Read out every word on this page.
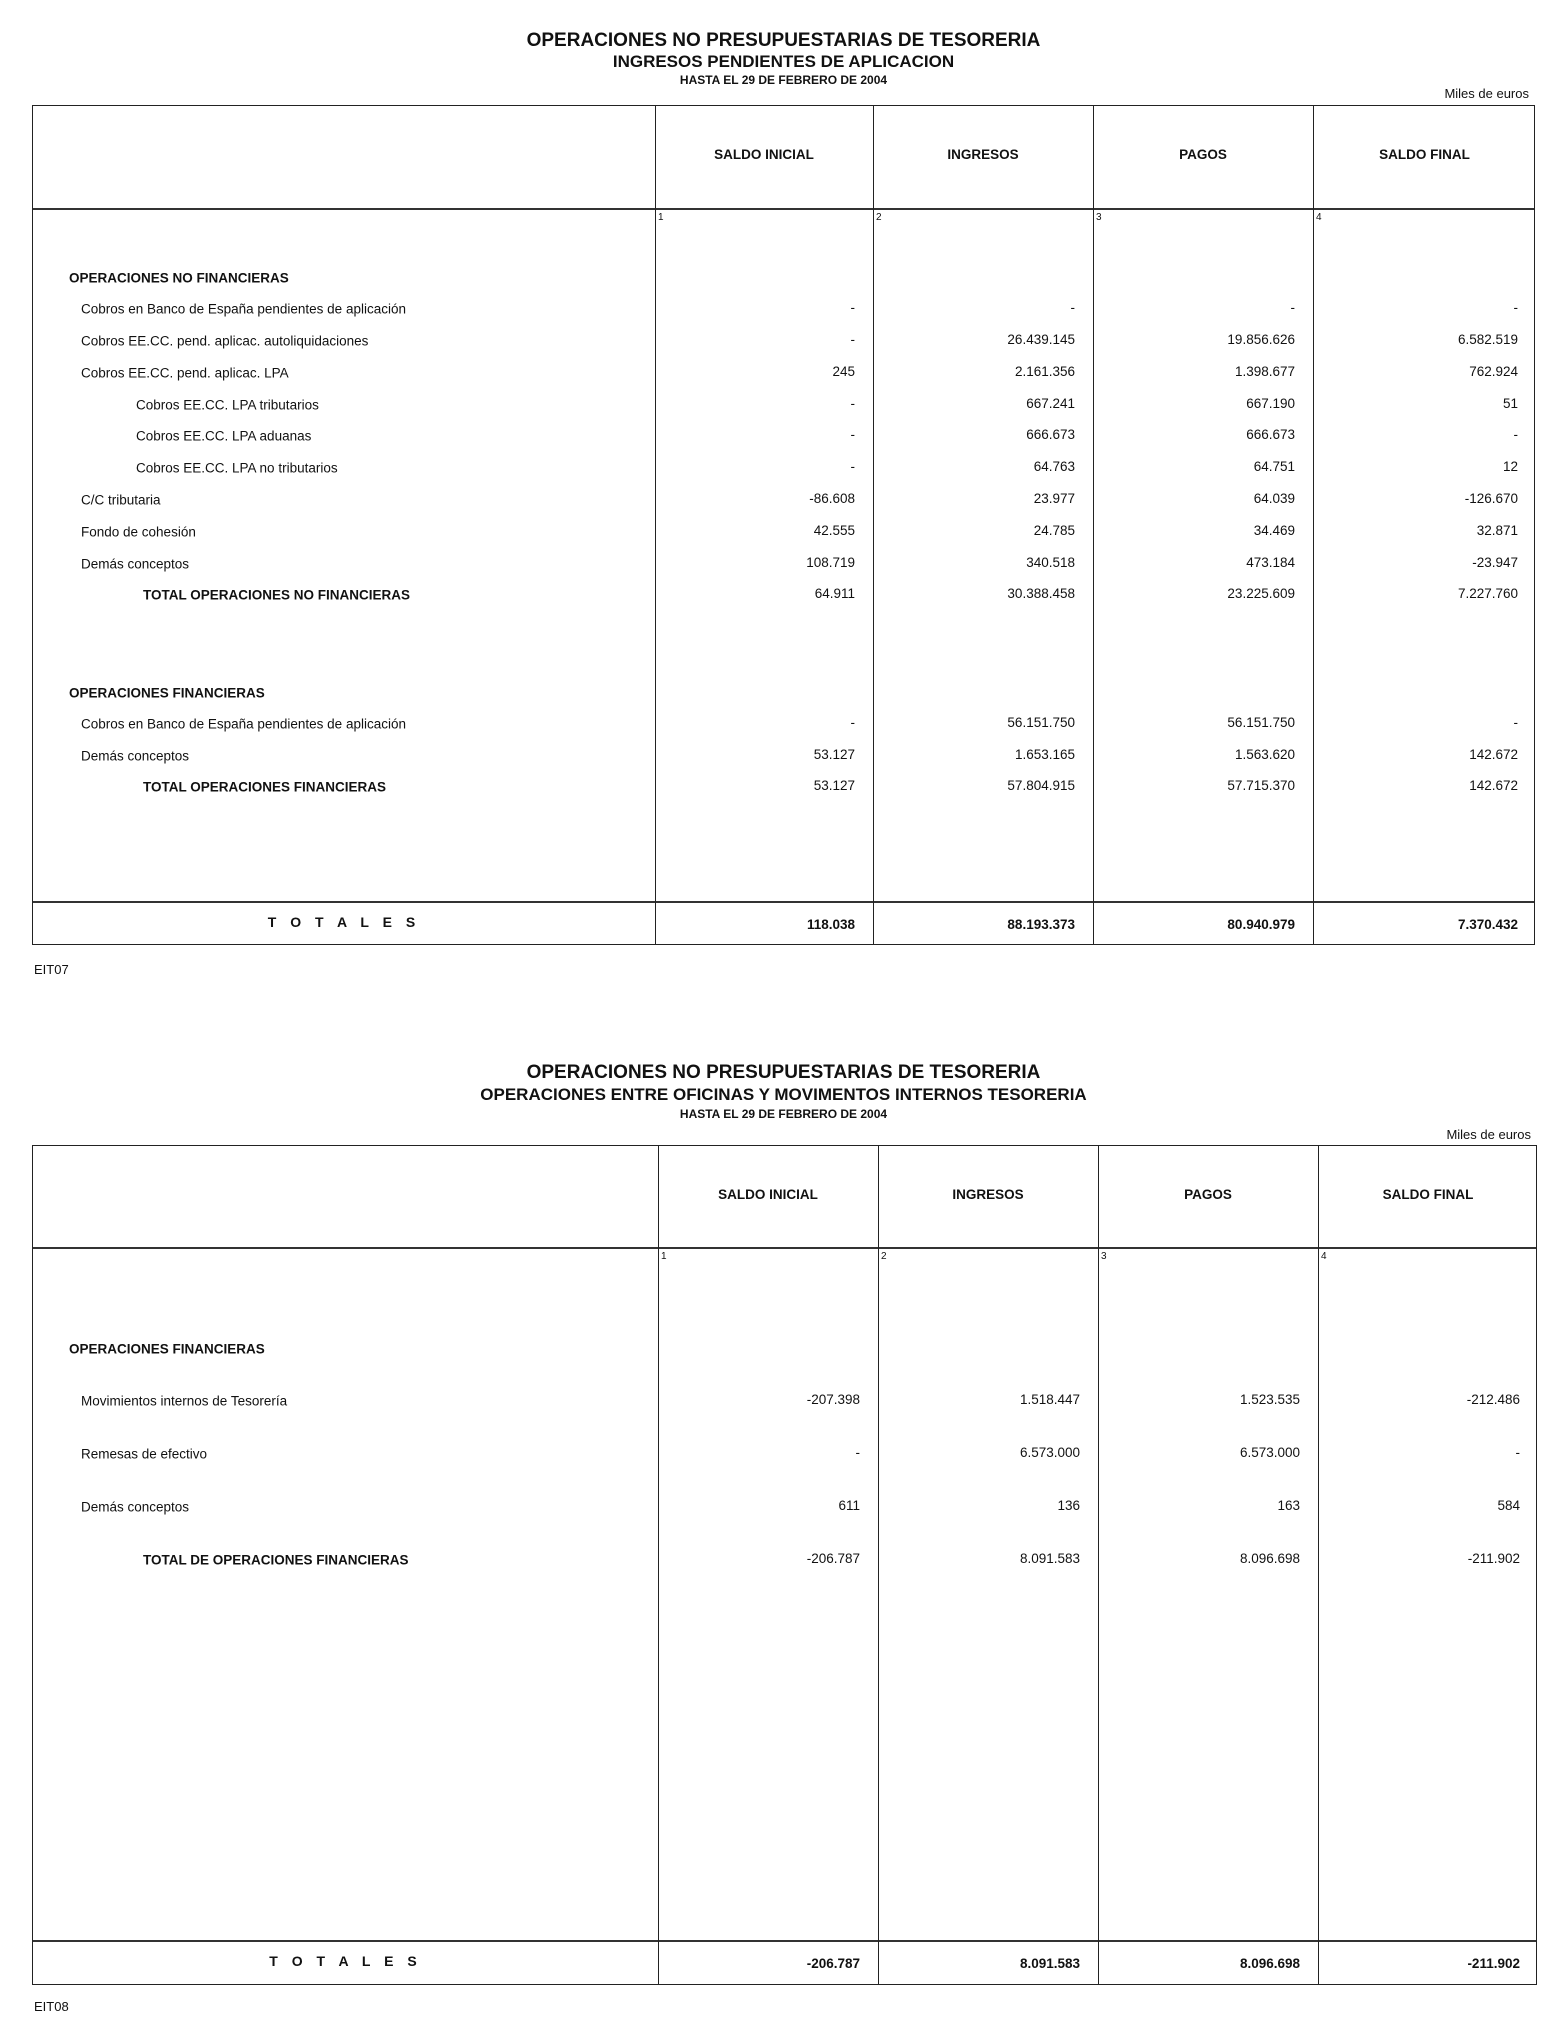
OPERACIONES NO PRESUPUESTARIAS DE TESORERIA
INGRESOS PENDIENTES DE APLICACION
HASTA EL 29 DE FEBRERO DE 2004
Miles de euros
SALDO INICIAL
1
INGRESOS
2
PAGOS
3
SALDO FINAL
4
OPERACIONES NO FINANCIERAS
Cobros en Banco de España pendientes de aplicación	-	-	-	-
Cobros EE.CC. pend. aplicac. autoliquidaciones	-	26.439.145	19.856.626	6.582.519
Cobros EE.CC. pend. aplicac. LPA	245	2.161.356	1.398.677	762.924
Cobros EE.CC. LPA tributarios	-	667.241	667.190	51
Cobros EE.CC. LPA aduanas	-	666.673	666.673	-
Cobros EE.CC. LPA no tributarios	-	64.763	64.751	12
C/C tributaria	-86.608	23.977	64.039	-126.670
Fondo de cohesión	42.555	24.785	34.469	32.871
Demás conceptos	108.719	340.518	473.184	-23.947
TOTAL OPERACIONES NO FINANCIERAS	64.911	30.388.458	23.225.609	7.227.760
OPERACIONES FINANCIERAS
Cobros en Banco de España pendientes de aplicación	-	56.151.750	56.151.750	-
Demás conceptos	53.127	1.653.165	1.563.620	142.672
TOTAL OPERACIONES FINANCIERAS	53.127	57.804.915	57.715.370	142.672
T O T A L E S	118.038	88.193.373	80.940.979	7.370.432
EIT07
OPERACIONES NO PRESUPUESTARIAS DE TESORERIA
OPERACIONES ENTRE OFICINAS Y MOVIMENTOS INTERNOS TESORERIA
HASTA EL 29 DE FEBRERO DE 2004
Miles de euros
SALDO INICIAL
1
INGRESOS
2
PAGOS
3
SALDO FINAL
4
OPERACIONES FINANCIERAS
Movimientos internos de Tesorería	-207.398	1.518.447	1.523.535	-212.486
Remesas de efectivo	-	6.573.000	6.573.000	-
Demás conceptos	611	136	163	584
TOTAL DE OPERACIONES FINANCIERAS	-206.787	8.091.583	8.096.698	-211.902
T O T A L E S	-206.787	8.091.583	8.096.698	-211.902
EIT08
